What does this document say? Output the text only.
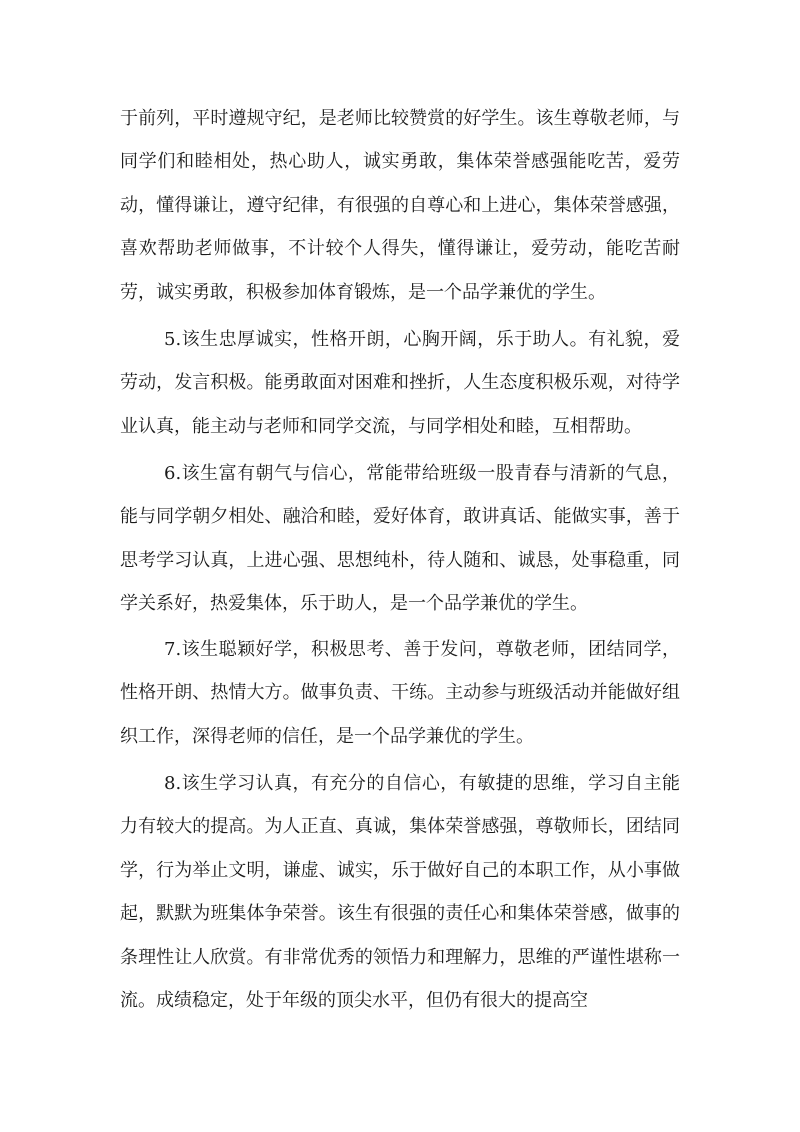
于前列，平时遵规守纪，是老师比较赞赏的好学生。该生尊敬老师，与同学们和睦相处，热心助人，诚实勇敢，集体荣誉感强能吃苦，爱劳动，懂得谦让，遵守纪律，有很强的自尊心和上进心，集体荣誉感强，喜欢帮助老师做事，不计较个人得失，懂得谦让，爱劳动，能吃苦耐劳，诚实勇敢，积极参加体育锻炼，是一个品学兼优的学生。

5.该生忠厚诚实，性格开朗，心胸开阔，乐于助人。有礼貌，爱劳动，发言积极。能勇敢面对困难和挫折，人生态度积极乐观，对待学业认真，能主动与老师和同学交流，与同学相处和睦，互相帮助。

6.该生富有朝气与信心，常能带给班级一股青春与清新的气息，能与同学朝夕相处、融洽和睦，爱好体育，敢讲真话、能做实事，善于思考学习认真，上进心强、思想纯朴，待人随和、诚恳，处事稳重，同学关系好，热爱集体，乐于助人，是一个品学兼优的学生。

7.该生聪颖好学，积极思考、善于发问，尊敬老师，团结同学，性格开朗、热情大方。做事负责、干练。主动参与班级活动并能做好组织工作，深得老师的信任，是一个品学兼优的学生。

8.该生学习认真，有充分的自信心，有敏捷的思维，学习自主能力有较大的提高。为人正直、真诚，集体荣誉感强，尊敬师长，团结同学，行为举止文明，谦虚、诚实，乐于做好自己的本职工作，从小事做起，默默为班集体争荣誉。该生有很强的责任心和集体荣誉感，做事的条理性让人欣赏。有非常优秀的领悟力和理解力，思维的严谨性堪称一流。成绩稳定，处于年级的顶尖水平，但仍有很大的提高空
